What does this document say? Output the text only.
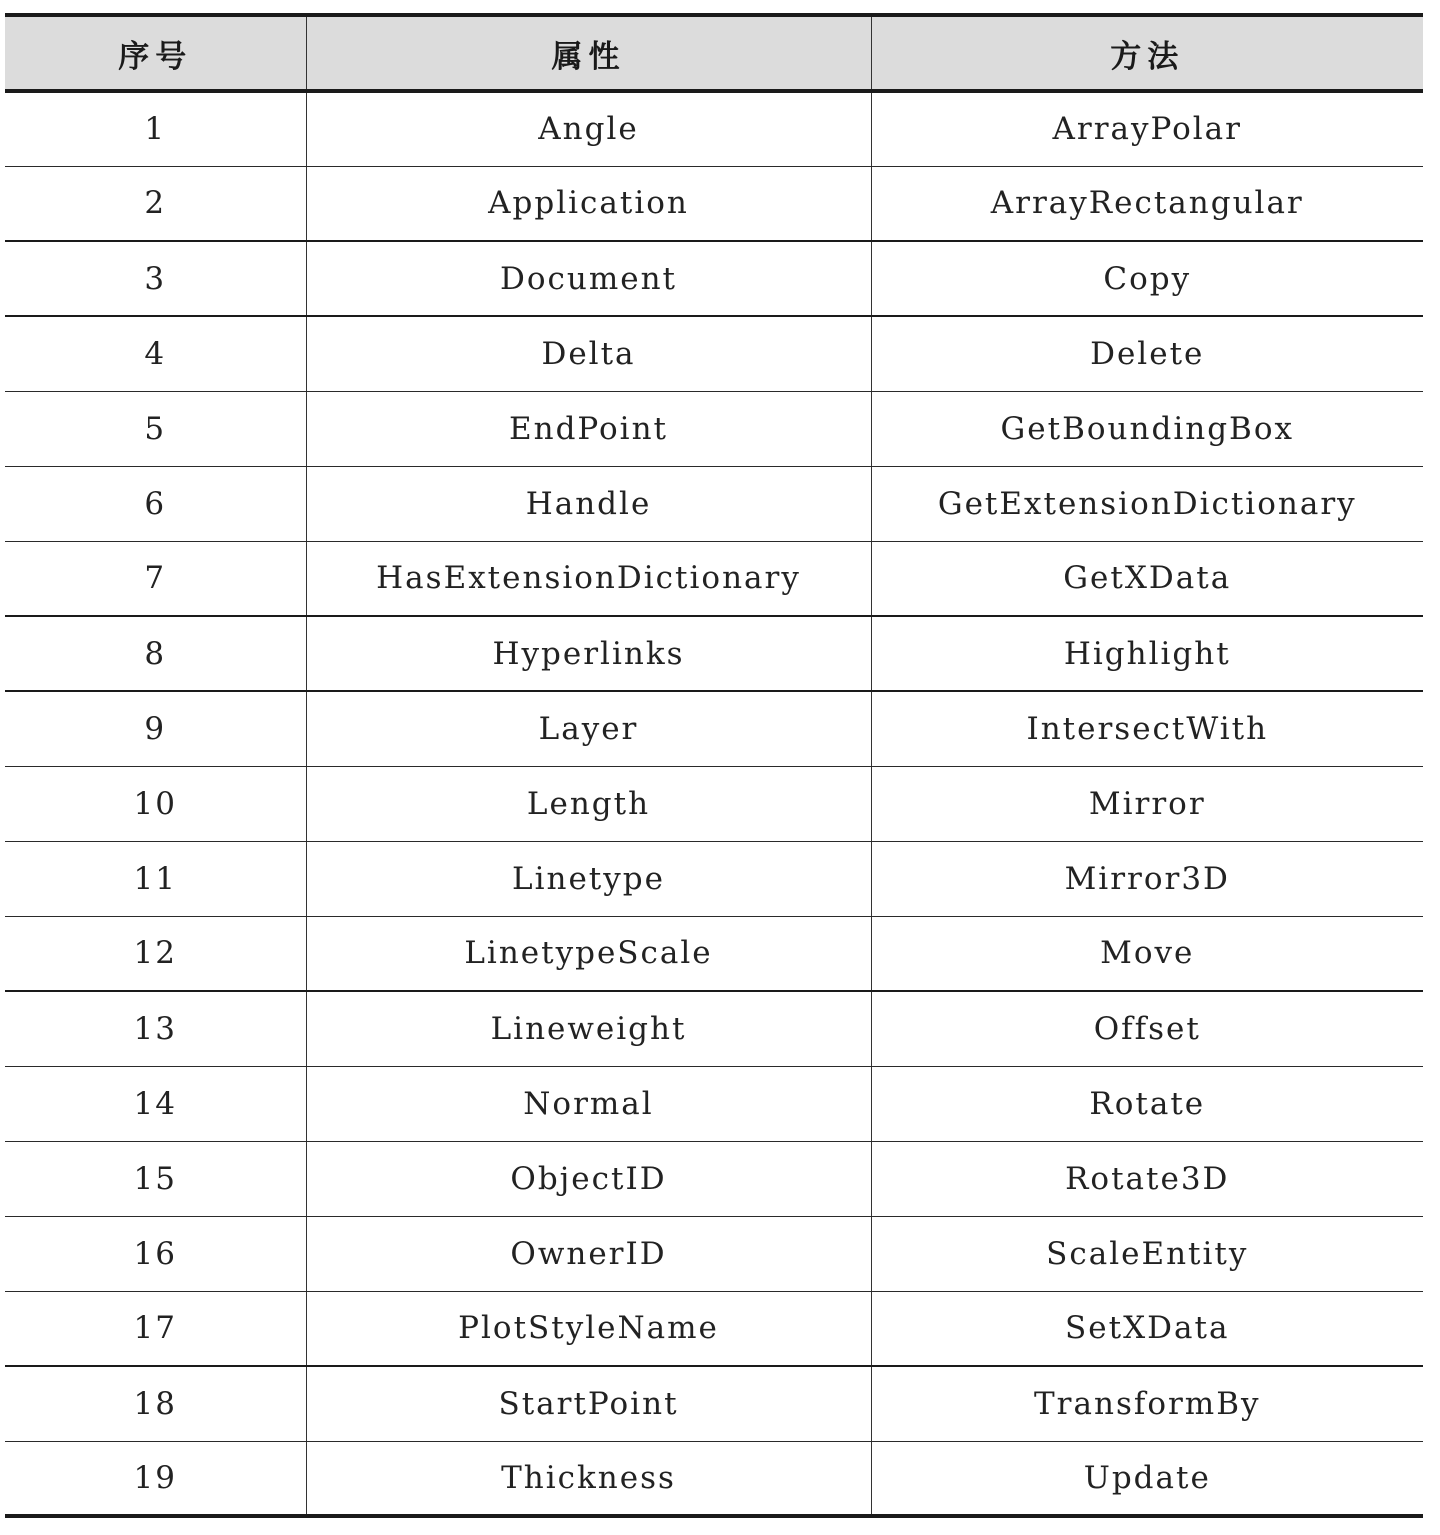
序号	属性	方法
1	Angle	ArrayPolar
2	Application	ArrayRectangular
3	Document	Copy
4	Delta	Delete
5	EndPoint	GetBoundingBox
6	Handle	GetExtensionDictionary
7	HasExtensionDictionary	GetXData
8	Hyperlinks	Highlight
9	Layer	IntersectWith
10	Length	Mirror
11	Linetype	Mirror3D
12	LinetypeScale	Move
13	Lineweight	Offset
14	Normal	Rotate
15	ObjectID	Rotate3D
16	OwnerID	ScaleEntity
17	PlotStyleName	SetXData
18	StartPoint	TransformBy
19	Thickness	Update
